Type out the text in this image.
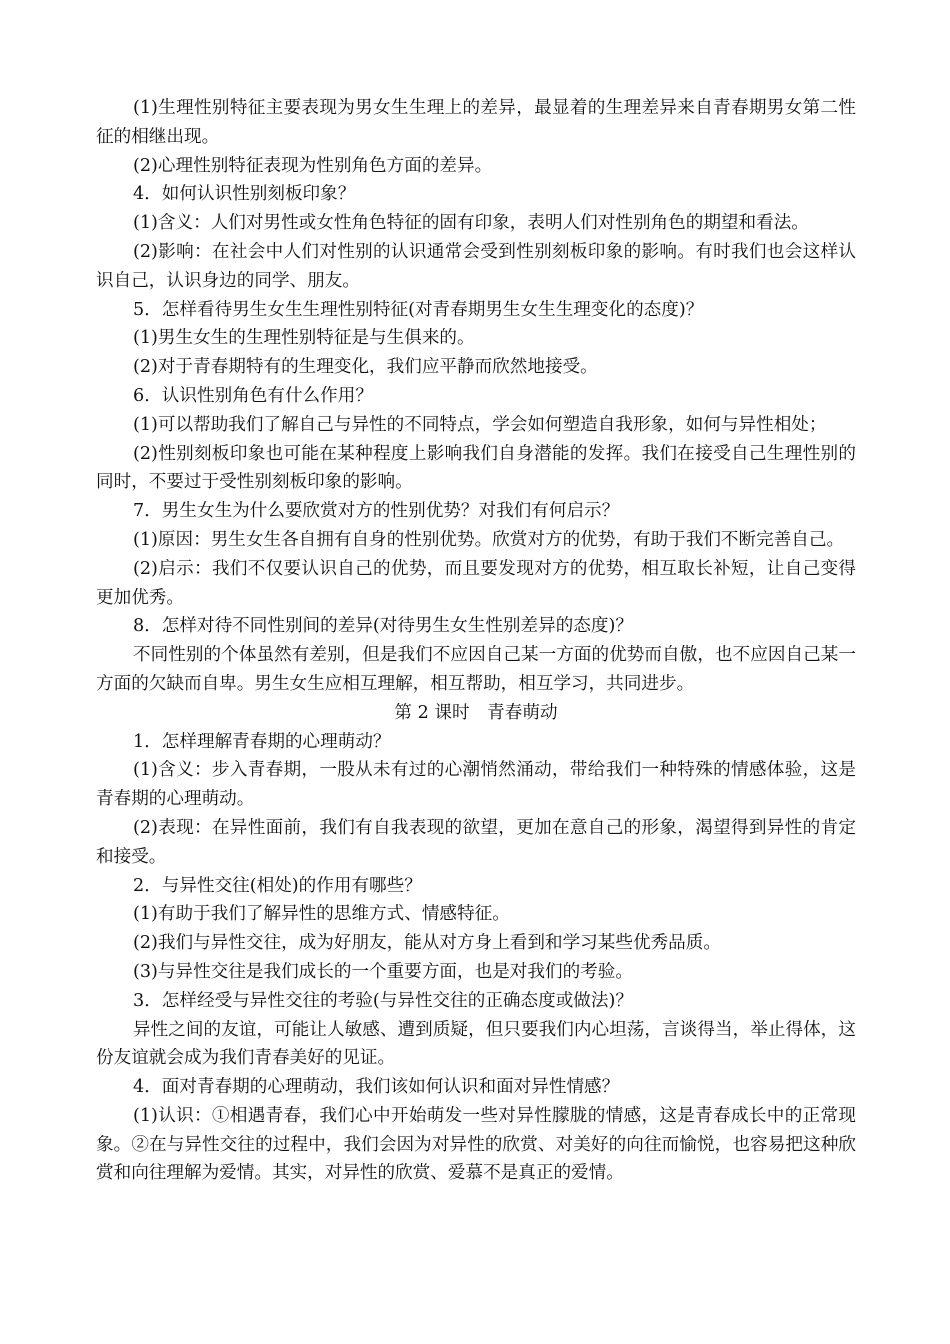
(1)生理性别特征主要表现为男女生生理上的差异，最显着的生理差异来自青春期男女第二性征的相继出现。

(2)心理性别特征表现为性别角色方面的差异。

4．如何认识性别刻板印象？

(1)含义：人们对男性或女性角色特征的固有印象，表明人们对性别角色的期望和看法。

(2)影响：在社会中人们对性别的认识通常会受到性别刻板印象的影响。有时我们也会这样认识自己，认识身边的同学、朋友。

5．怎样看待男生女生生理性别特征(对青春期男生女生生理变化的态度)？

(1)男生女生的生理性别特征是与生俱来的。

(2)对于青春期特有的生理变化，我们应平静而欣然地接受。

6．认识性别角色有什么作用？

(1)可以帮助我们了解自己与异性的不同特点，学会如何塑造自我形象，如何与异性相处；

(2)性别刻板印象也可能在某种程度上影响我们自身潜能的发挥。我们在接受自己生理性别的同时，不要过于受性别刻板印象的影响。

7．男生女生为什么要欣赏对方的性别优势？对我们有何启示？

(1)原因：男生女生各自拥有自身的性别优势。欣赏对方的优势，有助于我们不断完善自己。

(2)启示：我们不仅要认识自己的优势，而且要发现对方的优势，相互取长补短，让自己变得更加优秀。

8．怎样对待不同性别间的差异(对待男生女生性别差异的态度)？

不同性别的个体虽然有差别，但是我们不应因自己某一方面的优势而自傲，也不应因自己某一方面的欠缺而自卑。男生女生应相互理解，相互帮助，相互学习，共同进步。

第 2 课时　青春萌动

1．怎样理解青春期的心理萌动？

(1)含义：步入青春期，一股从未有过的心潮悄然涌动，带给我们一种特殊的情感体验，这是青春期的心理萌动。

(2)表现：在异性面前，我们有自我表现的欲望，更加在意自己的形象，渴望得到异性的肯定和接受。

2．与异性交往(相处)的作用有哪些？

(1)有助于我们了解异性的思维方式、情感特征。

(2)我们与异性交往，成为好朋友，能从对方身上看到和学习某些优秀品质。

(3)与异性交往是我们成长的一个重要方面，也是对我们的考验。

3．怎样经受与异性交往的考验(与异性交往的正确态度或做法)？

异性之间的友谊，可能让人敏感、遭到质疑，但只要我们内心坦荡，言谈得当，举止得体，这份友谊就会成为我们青春美好的见证。

4．面对青春期的心理萌动，我们该如何认识和面对异性情感？

(1)认识：①相遇青春，我们心中开始萌发一些对异性朦胧的情感，这是青春成长中的正常现象。②在与异性交往的过程中，我们会因为对异性的欣赏、对美好的向往而愉悦，也容易把这种欣赏和向往理解为爱情。其实，对异性的欣赏、爱慕不是真正的爱情。
